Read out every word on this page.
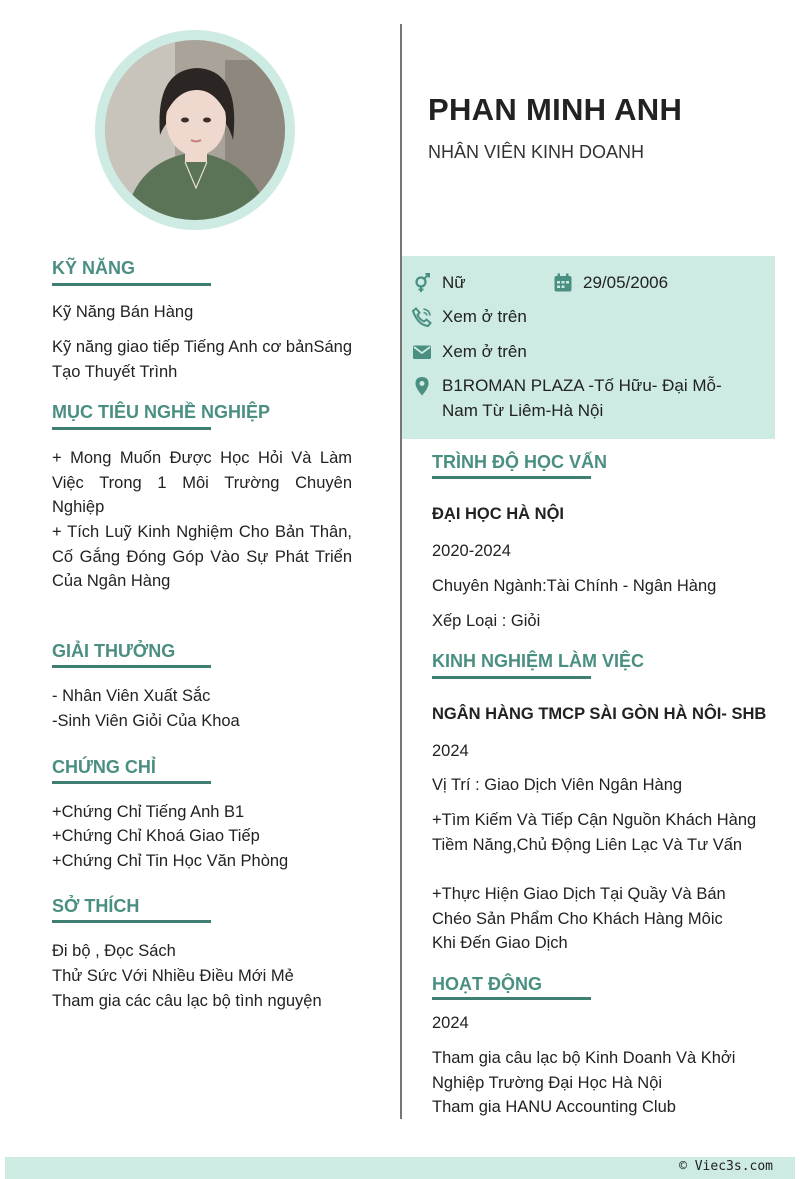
PHAN MINH ANH
NHÂN VIÊN KINH DOANH
Nữ	29/05/2006
Xem ở trên
Xem ở trên
B1ROMAN PLAZA -Tố Hữu- Đại Mỗ-
Nam Từ Liêm-Hà Nội
KỸ NĂNG
Kỹ Năng Bán Hàng
Kỹ năng giao tiếp Tiếng Anh cơ bảnSáng Tạo Thuyết Trình
MỤC TIÊU NGHỀ NGHIỆP
+ Mong Muốn Được Học Hỏi Và Làm Việc Trong 1 Môi Trường Chuyên Nghiệp
+ Tích Luỹ Kinh Nghiệm Cho Bản Thân, Cố Gắng Đóng Góp Vào Sự Phát Triển Của Ngân Hàng
GIẢI THƯỞNG
- Nhân Viên Xuất Sắc
-Sinh Viên Giỏi Của Khoa
CHỨNG CHỈ
+Chứng Chỉ Tiếng Anh B1
+Chứng Chỉ Khoá Giao Tiếp
+Chứng Chỉ Tin Học Văn Phòng
SỞ THÍCH
Đi bộ , Đọc Sách
Thử Sức Với Nhiều Điều Mới Mẻ
Tham gia các câu lạc bộ tình nguyện
TRÌNH ĐỘ HỌC VẤN
ĐẠI HỌC HÀ NỘI
2020-2024
Chuyên Ngành:Tài Chính - Ngân Hàng
Xếp Loại : Giỏi
KINH NGHIỆM LÀM VIỆC
NGÂN HÀNG TMCP SÀI GÒN HÀ NÔI- SHB
2024
Vị Trí : Giao Dịch Viên Ngân Hàng
+Tìm Kiếm Và Tiếp Cận Nguồn Khách Hàng Tiềm Năng,Chủ Động Liên Lạc Và Tư Vấn
+Thực Hiện Giao Dịch Tại Quầy Và Bán Chéo Sản Phẩm Cho Khách Hàng Môic Khi Đến Giao Dịch
HOẠT ĐỘNG
2024
Tham gia câu lạc bộ Kinh Doanh Và Khởi Nghiệp Trường Đại Học Hà Nội
Tham gia HANU Accounting Club
© Viec3s.com
